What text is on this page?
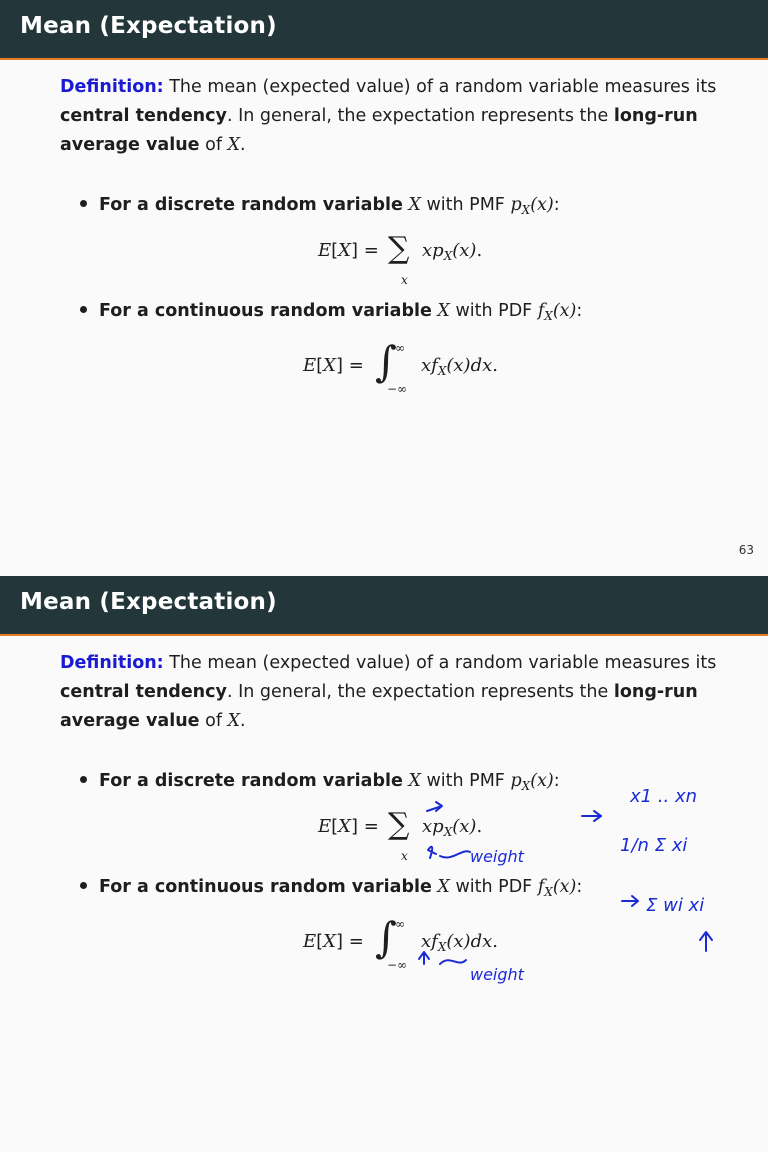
Mean (Expectation)
Definition: The mean (expected value) of a random variable measures its central tendency. In general, the expectation represents the long-run average value of X.
For a discrete random variable X with PMF $p_X(x)$:
E[X] = ∑
x
$xp_X(x)$.
For a continuous random variable X with PDF $f_X(x)$:
E[X] = ∫
∞
−∞
$xf_X(x)dx$.
63
Mean (Expectation)
Definition: The mean (expected value) of a random variable measures its central tendency. In general, the expectation represents the long-run average value of X.
For a discrete random variable X with PMF $p_X(x)$:
E[X] = ∑
x
$xp_X(x)$.
For a continuous random variable X with PDF $f_X(x)$:
E[X] = ∫
∞
−∞
$xf_X(x)dx$.
weight
weight
x1 .. xn
1/n Σ xi
Σ wi xi
